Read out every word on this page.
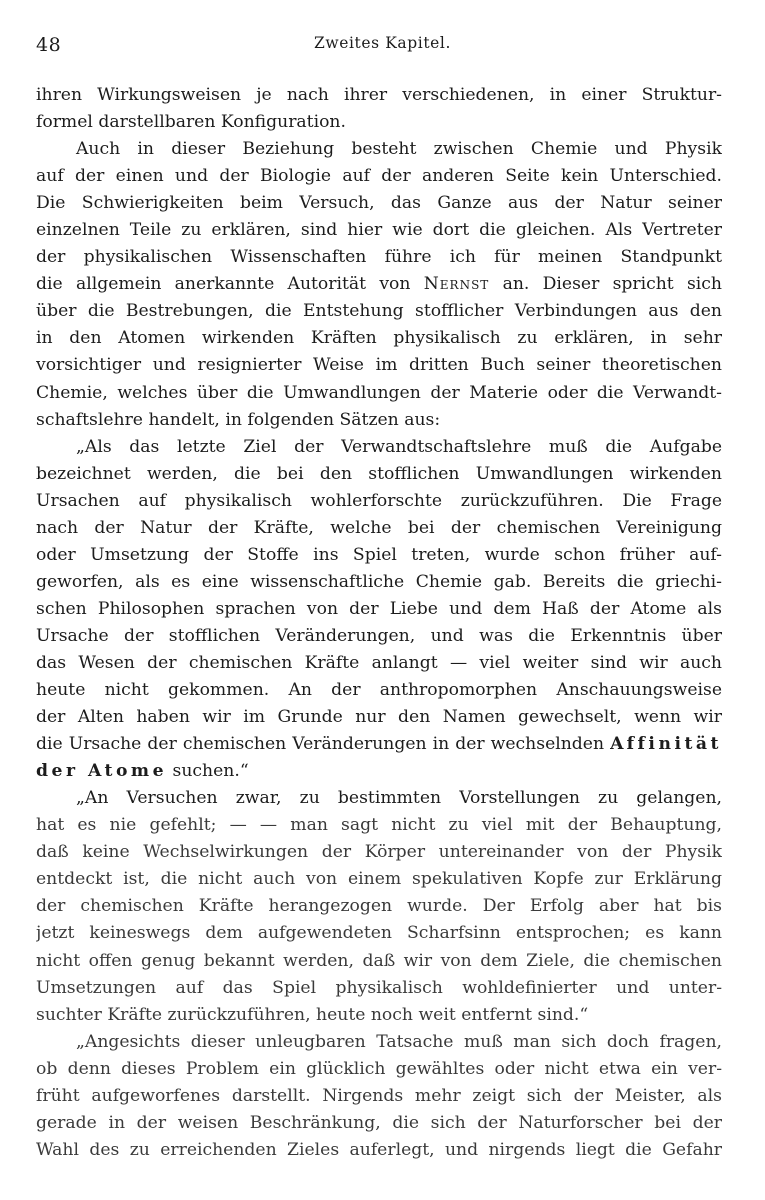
48	Zweites Kapitel.
ihren Wirkungsweisen je nach ihrer verschiedenen, in einer Struktur-
formel darstellbaren Konfiguration.
Auch in dieser Beziehung besteht zwischen Chemie und Physik
auf der einen und der Biologie auf der anderen Seite kein Unterschied.
Die Schwierigkeiten beim Versuch, das Ganze aus der Natur seiner
einzelnen Teile zu erklären, sind hier wie dort die gleichen. Als Vertreter
der physikalischen Wissenschaften führe ich für meinen Standpunkt
die allgemein anerkannte Autorität von Nernst an. Dieser spricht sich
über die Bestrebungen, die Entstehung stofflicher Verbindungen aus den
in den Atomen wirkenden Kräften physikalisch zu erklären, in sehr
vorsichtiger und resignierter Weise im dritten Buch seiner theoretischen
Chemie, welches über die Umwandlungen der Materie oder die Verwandt-
schaftslehre handelt, in folgenden Sätzen aus:
„Als das letzte Ziel der Verwandtschaftslehre muß die Aufgabe
bezeichnet werden, die bei den stofflichen Umwandlungen wirkenden
Ursachen auf physikalisch wohlerforschte zurückzuführen. Die Frage
nach der Natur der Kräfte, welche bei der chemischen Vereinigung
oder Umsetzung der Stoffe ins Spiel treten, wurde schon früher auf-
geworfen, als es eine wissenschaftliche Chemie gab. Bereits die griechi-
schen Philosophen sprachen von der Liebe und dem Haß der Atome als
Ursache der stofflichen Veränderungen, und was die Erkenntnis über
das Wesen der chemischen Kräfte anlangt — viel weiter sind wir auch
heute nicht gekommen. An der anthropomorphen Anschauungsweise
der Alten haben wir im Grunde nur den Namen gewechselt, wenn wir
die Ursache der chemischen Veränderungen in der wechselnden Affinität
der Atome suchen.“
„An Versuchen zwar, zu bestimmten Vorstellungen zu gelangen,
hat es nie gefehlt; — — man sagt nicht zu viel mit der Behauptung,
daß keine Wechselwirkungen der Körper untereinander von der Physik
entdeckt ist, die nicht auch von einem spekulativen Kopfe zur Erklärung
der chemischen Kräfte herangezogen wurde. Der Erfolg aber hat bis
jetzt keineswegs dem aufgewendeten Scharfsinn entsprochen; es kann
nicht offen genug bekannt werden, daß wir von dem Ziele, die chemischen
Umsetzungen auf das Spiel physikalisch wohldefinierter und unter-
suchter Kräfte zurückzuführen, heute noch weit entfernt sind.“
„Angesichts dieser unleugbaren Tatsache muß man sich doch fragen,
ob denn dieses Problem ein glücklich gewähltes oder nicht etwa ein ver-
früht aufgeworfenes darstellt. Nirgends mehr zeigt sich der Meister, als
gerade in der weisen Beschränkung, die sich der Naturforscher bei der
Wahl des zu erreichenden Zieles auferlegt, und nirgends liegt die Gefahr
